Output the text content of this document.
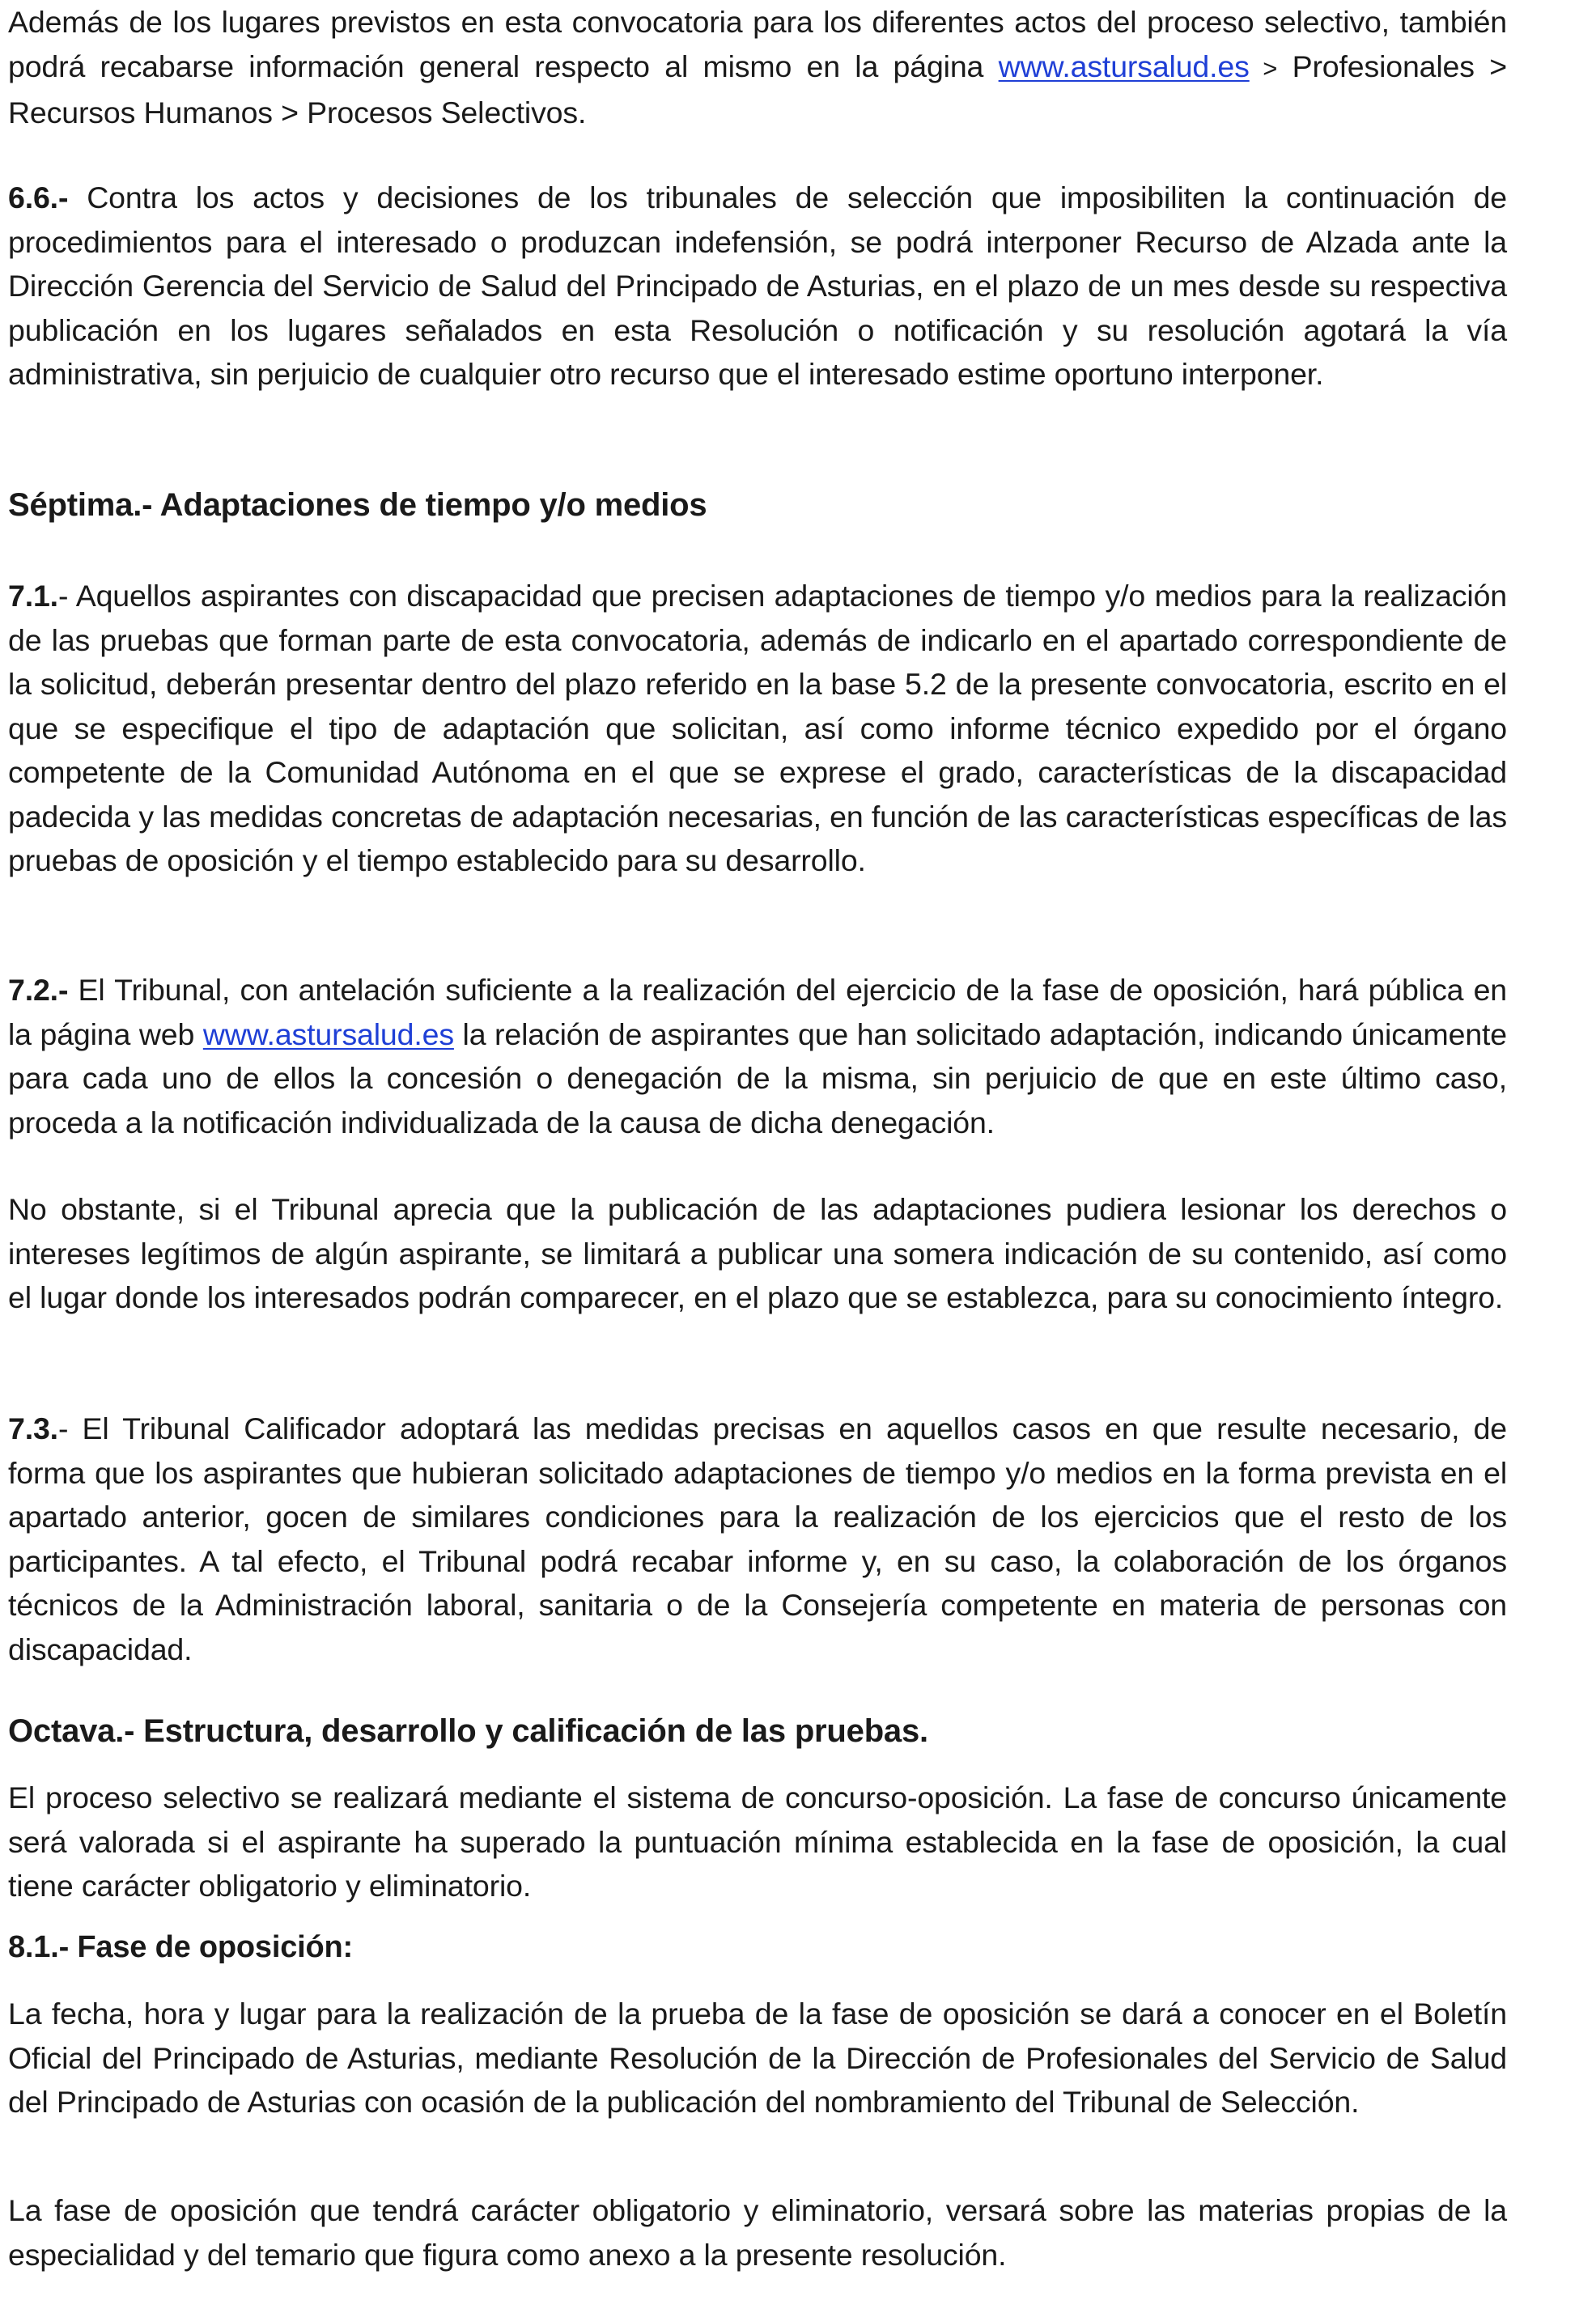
Además de los lugares previstos en esta convocatoria para los diferentes actos del proceso selectivo, también podrá recabarse información general respecto al mismo en la página www.astursalud.es > Profesionales > Recursos Humanos > Procesos Selectivos.

6.6.- Contra los actos y decisiones de los tribunales de selección que imposibiliten la continuación de procedimientos para el interesado o produzcan indefensión, se podrá interponer Recurso de Alzada ante la Dirección Gerencia del Servicio de Salud del Principado de Asturias, en el plazo de un mes desde su respectiva publicación en los lugares señalados en esta Resolución o notificación y su resolución agotará la vía administrativa, sin perjuicio de cualquier otro recurso que el interesado estime oportuno interponer.

Séptima.- Adaptaciones de tiempo y/o medios

7.1.- Aquellos aspirantes con discapacidad que precisen adaptaciones de tiempo y/o medios para la realización de las pruebas que forman parte de esta convocatoria, además de indicarlo en el apartado correspondiente de la solicitud, deberán presentar dentro del plazo referido en la base 5.2 de la presente convocatoria, escrito en el que se especifique el tipo de adaptación que solicitan, así como informe técnico expedido por el órgano competente de la Comunidad Autónoma en el que se exprese el grado, características de la discapacidad padecida y las medidas concretas de adaptación necesarias, en función de las características específicas de las pruebas de oposición y el tiempo establecido para su desarrollo.

7.2.- El Tribunal, con antelación suficiente a la realización del ejercicio de la fase de oposición, hará pública en la página web www.astursalud.es la relación de aspirantes que han solicitado adaptación, indicando únicamente para cada uno de ellos la concesión o denegación de la misma, sin perjuicio de que en este último caso, proceda a la notificación individualizada de la causa de dicha denegación.

No obstante, si el Tribunal aprecia que la publicación de las adaptaciones pudiera lesionar los derechos o intereses legítimos de algún aspirante, se limitará a publicar una somera indicación de su contenido, así como el lugar donde los interesados podrán comparecer, en el plazo que se establezca, para su conocimiento íntegro.

7.3.- El Tribunal Calificador adoptará las medidas precisas en aquellos casos en que resulte necesario, de forma que los aspirantes que hubieran solicitado adaptaciones de tiempo y/o medios en la forma prevista en el apartado anterior, gocen de similares condiciones para la realización de los ejercicios que el resto de los participantes. A tal efecto, el Tribunal podrá recabar informe y, en su caso, la colaboración de los órganos técnicos de la Administración laboral, sanitaria o de la Consejería competente en materia de personas con discapacidad.

Octava.- Estructura, desarrollo y calificación de las pruebas.

El proceso selectivo se realizará mediante el sistema de concurso-oposición. La fase de concurso únicamente será valorada si el aspirante ha superado la puntuación mínima establecida en la fase de oposición, la cual tiene carácter obligatorio y eliminatorio.

8.1.- Fase de oposición:

La fecha, hora y lugar para la realización de la prueba de la fase de oposición se dará a conocer en el Boletín Oficial del Principado de Asturias, mediante Resolución de la Dirección de Profesionales del Servicio de Salud del Principado de Asturias con ocasión de la publicación del nombramiento del Tribunal de Selección.

La fase de oposición que tendrá carácter obligatorio y eliminatorio, versará sobre las materias propias de la especialidad y del temario que figura como anexo a la presente resolución.
